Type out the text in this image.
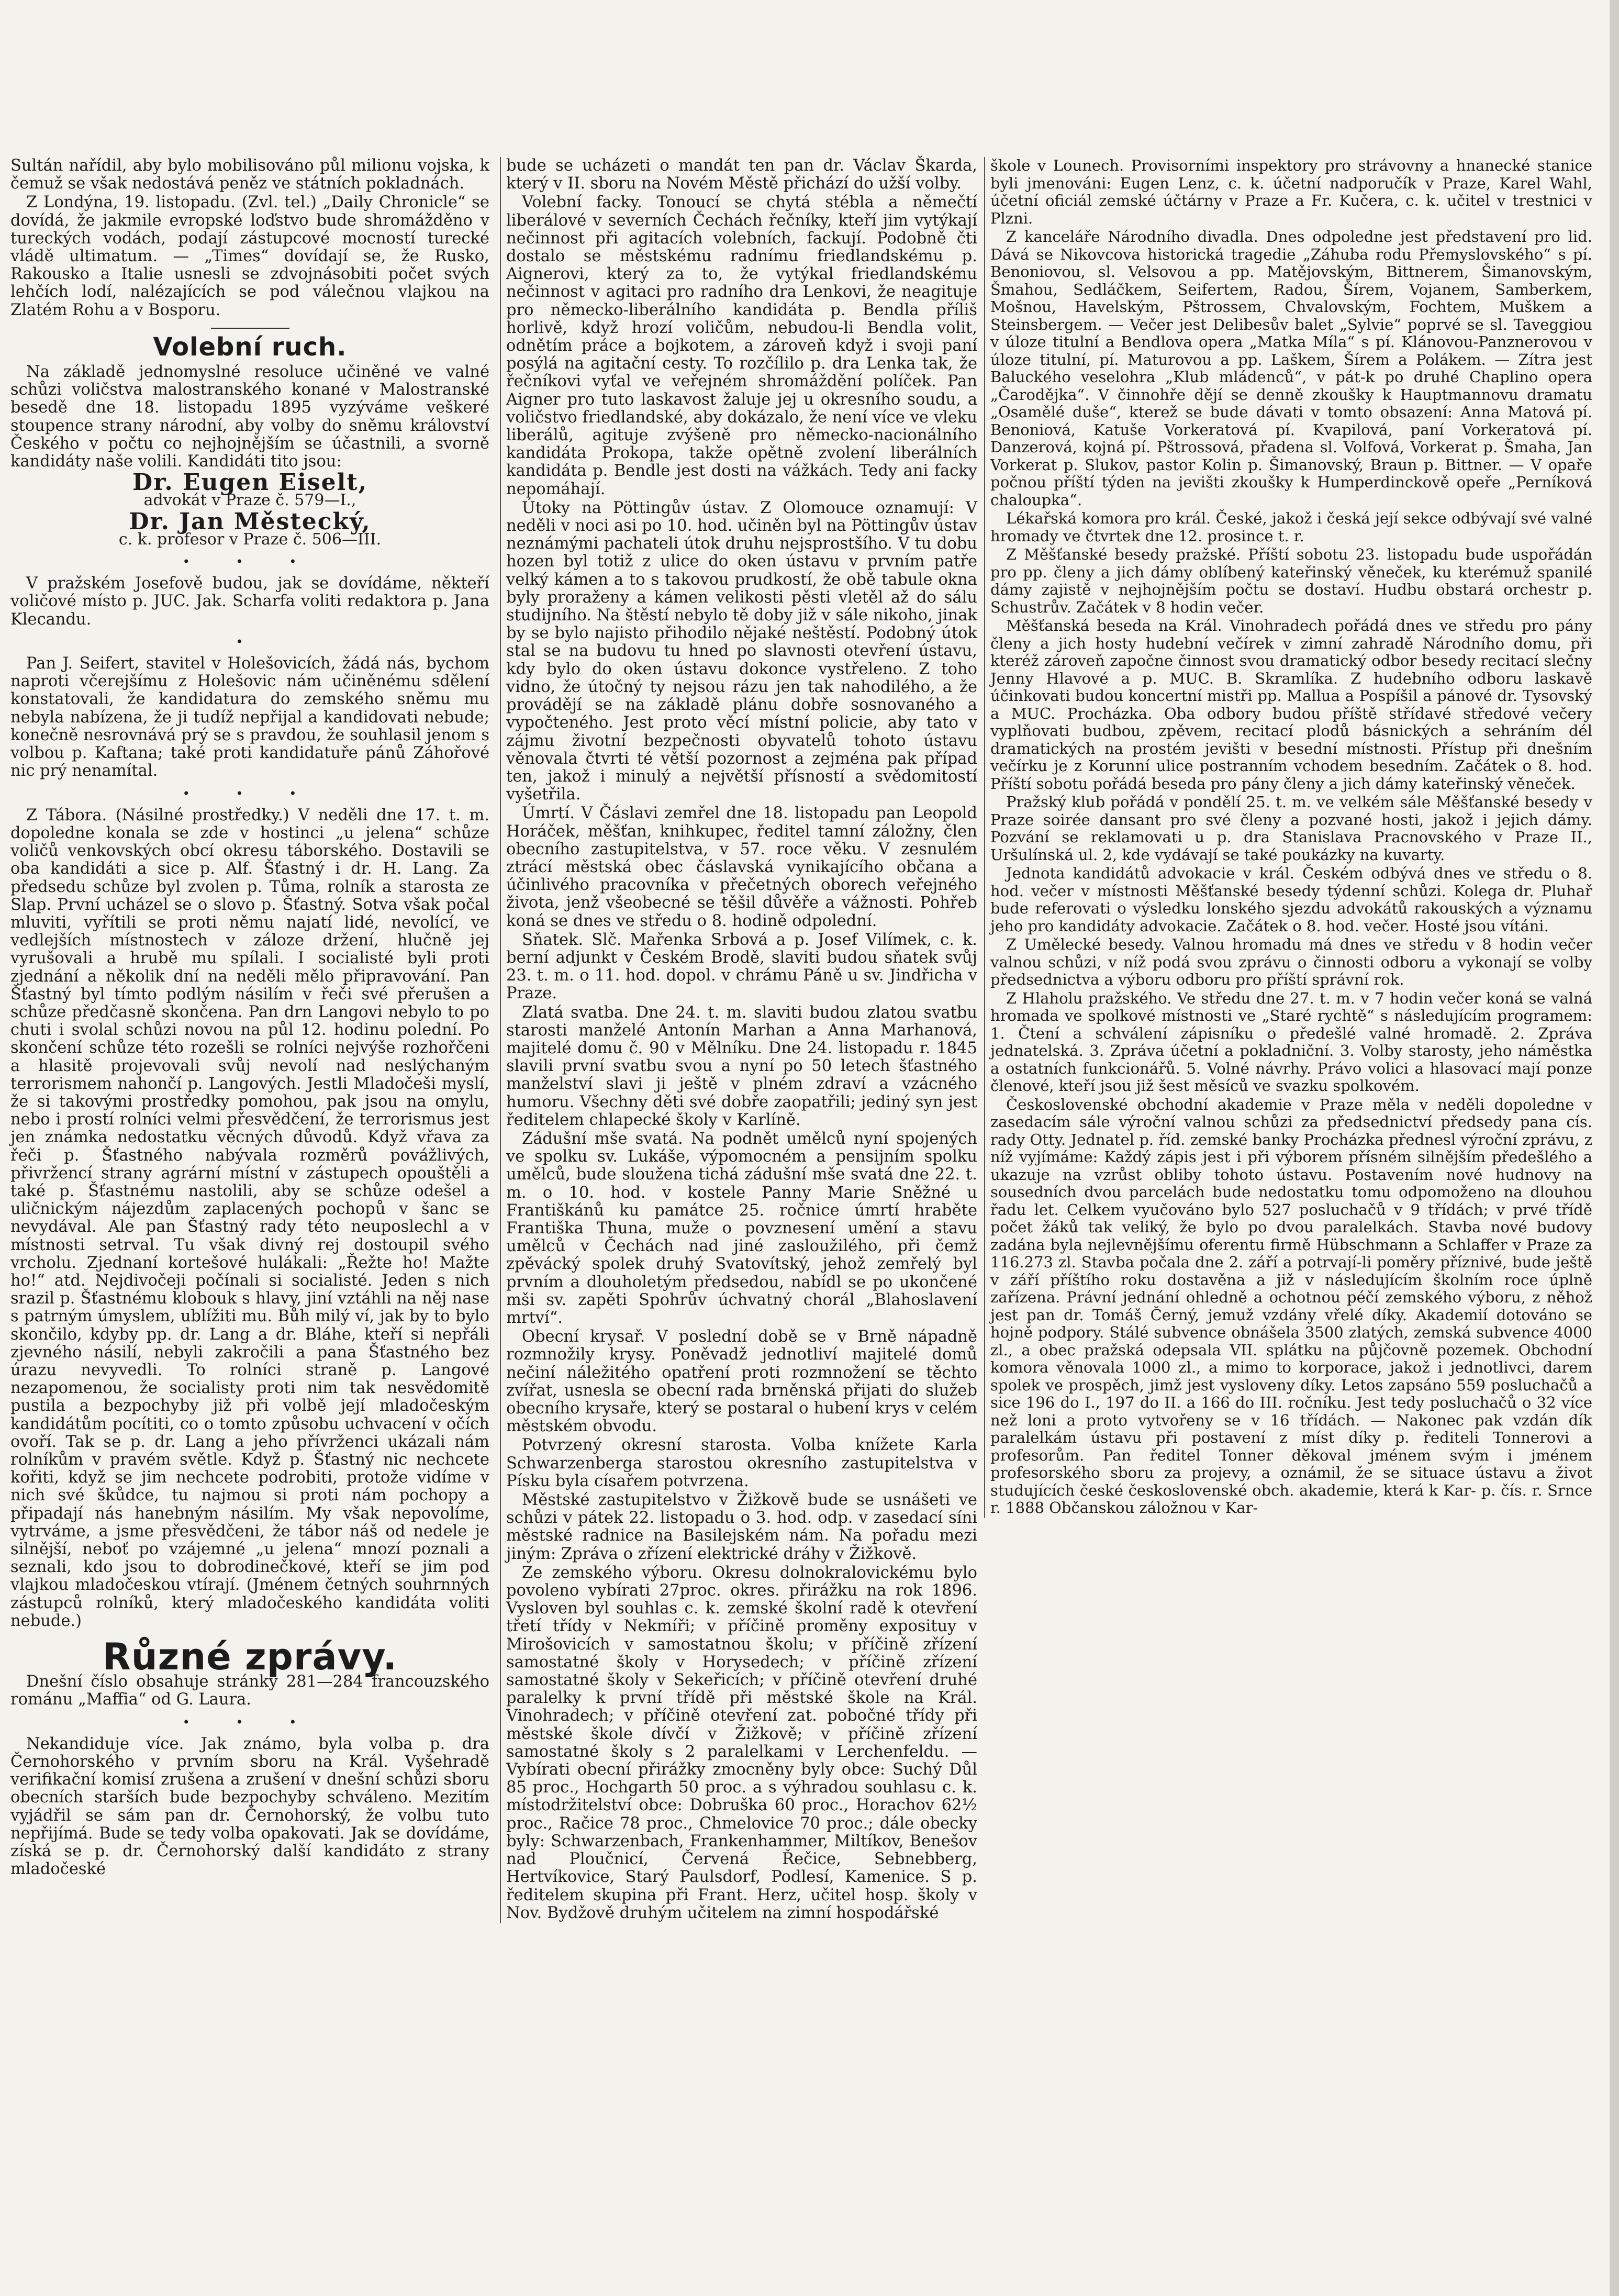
Sultán nařídil, aby bylo mobilisováno půl milionu vojska, k čemuž se však nedostává peněz ve státních pokladnách.

Z Londýna, 19. listopadu. (Zvl. tel.) „Daily Chronicle“ se dovídá, že jakmile evropské loďstvo bude shromážděno v tureckých vodách, podají zástupcové mocností turecké vládě ultimatum. — „Times“ dovídají se, že Rusko, Rakousko a Italie usnesli se zdvojnásobiti počet svých lehčích lodí, nalézajících se pod válečnou vlajkou na Zlatém Rohu a v Bosporu.

Volební ruch.

Na základě jednomyslné resoluce učiněné ve valné schůzi voličstva malostranského konané v Malostranské besedě dne 18. listopadu 1895 vyzýváme veškeré stoupence strany národní, aby volby do sněmu království Českého v počtu co nejhojnějším se účastnili, a svorně kandidáty naše volili. Kandidáti tito jsou:

Dr. Eugen Eiselt,
advokát v Praze č. 579—I.,
Dr. Jan Městecký,
c. k. profesor v Praze č. 506—III.
• • •

V pražském Josefově budou, jak se dovídáme, někteří voličové místo p. JUC. Jak. Scharfa voliti redaktora p. Jana Klecandu.

•

Pan J. Seifert, stavitel v Holešovicích, žádá nás, bychom naproti včerejšímu z Holešovic nám učiněnému sdělení konstatovali, že kandidatura do zemského sněmu mu nebyla nabízena, že ji tudíž nepřijal a kandidovati nebude; konečně nesrovnává prý se s pravdou, že souhlasil jenom s volbou p. Kaftana; také proti kandidatuře pánů Záhořové nic prý nenamítal.

• • •

Z Tábora. (Násilné prostředky.) V neděli dne 17. t. m. dopoledne konala se zde v hostinci „u jelena“ schůze voličů venkovských obcí okresu táborského. Dostavili se oba kandidáti a sice p. Alf. Šťastný i dr. H. Lang. Za předsedu schůze byl zvolen p. Tůma, rolník a starosta ze Slap. První ucházel se o slovo p. Šťastný. Sotva však počal mluviti, vyřítili se proti němu najatí lidé, nevolící, ve vedlejších místnostech v záloze držení, hlučně jej vyrušovali a hrubě mu spílali. I socialisté byli proti zjednání a několik dní na neděli mělo připravování. Pan Šťastný byl tímto podlým násilím v řeči své přerušen a schůze předčasně skončena. Pan drn Langovi nebylo to po chuti i svolal schůzi novou na půl 12. hodinu polední. Po skončení schůze této rozešli se rolníci nejvýše rozhořčeni a hlasitě projevovali svůj nevolí nad neslýchaným terrorismem nahončí p. Langových. Jestli Mladočeši myslí, že si takovými prostředky pomohou, pak jsou na omylu, nebo i prostí rolníci velmi přesvědčení, že terrorismus jest jen známka nedostatku věcných důvodů. Když vřava za řeči p. Šťastného nabývala rozměrů povážlivých, přivržencí strany agrární místní v zástupech opouštěli a také p. Šťastnému nastolili, aby se schůze odešel a uličnickým nájezdům zaplacených pochopů v šanc se nevydával. Ale pan Šťastný rady této neuposlechl a v místnosti setrval. Tu však divný rej dostoupil svého vrcholu. Zjednaní kortešové hulákali: „Řežte ho! Mažte ho!“ atd. Nejdivočeji počínali si socialisté. Jeden s nich srazil p. Šťastnému klobouk s hlavy, jiní vztáhli na něj nase s patrným úmyslem, ublížiti mu. Bůh milý ví, jak by to bylo skončilo, kdyby pp. dr. Lang a dr. Bláhe, kteří si nepřáli zjevného násilí, nebyli zakročili a pana Šťastného bez úrazu nevyvedli. To rolníci straně p. Langové nezapomenou, že socialisty proti nim tak nesvědomitě pustila a bezpochyby již při volbě její mladočeským kandidátům pocítiti, co o tomto způsobu uchvacení v očích ovoří. Tak se p. dr. Lang a jeho přívrženci ukázali nám rolníkům v pravém světle. Když p. Šťastný nic nechcete kořiti, když se jim nechcete podrobiti, protože vidíme v nich své škůdce, tu najmou si proti nám pochopy a připadají nás hanebným násilím. My však nepovolíme, vytrváme, a jsme přesvědčeni, že tábor náš od nedele je silnější, neboť po vzájemné „u jelena“ mnozí poznali a seznali, kdo jsou to dobrodinečkové, kteří se jim pod vlajkou mladočeskou vtírají. (Jménem četných souhrnných zástupců rolníků, který mladočeského kandidáta voliti nebude.)

Různé zprávy.

Dnešní číslo obsahuje stránky 281—284 francouzského románu „Maffia“ od G. Laura.

• • •

Nekandiduje více. Jak známo, byla volba p. dra Černohorského v prvním sboru na Král. Vyšehradě verifikační komisí zrušena a zrušení v dnešní schůzi sboru obecních starších bude bezpochyby schváleno. Mezitím vyjádřil se sám pan dr. Černohorský, že volbu tuto nepřijímá. Bude se tedy volba opakovati. Jak se dovídáme, získá se p. dr. Černohorský další kandidáto z strany mladočeské

bude se ucházeti o mandát ten pan dr. Václav Škarda, který v II. sboru na Novém Městě přichází do užší volby.

Volební facky. Tonoucí se chytá stébla a němečtí liberálové v severních Čechách řečníky, kteří jim vytýkají nečinnost při agitacích volebních, fackují. Podobně čti dostalo se městskému radnímu friedlandskému p. Aignerovi, který za to, že vytýkal friedlandskému nečinnost v agitaci pro radního dra Lenkovi, že neagituje pro německo-liberálního kandidáta p. Bendla příliš horlivě, když hrozí voličům, nebudou-li Bendla volit, odnětím práce a bojkotem, a zároveň když i svoji paní posýlá na agitační cesty. To rozčílilo p. dra Lenka tak, že řečníkovi vyťal ve veřejném shromáždění políček. Pan Aigner pro tuto laskavost žaluje jej u okresního soudu, a voličstvo friedlandské, aby dokázalo, že není více ve vleku liberálů, agituje zvýšeně pro německo-nacionálního kandidáta Prokopa, takže opětně zvolení liberálních kandidáta p. Bendle jest dosti na vážkách. Tedy ani facky nepomáhají.

Útoky na Pöttingův ústav. Z Olomouce oznamují: V neděli v noci asi po 10. hod. učiněn byl na Pöttingův ústav neznámými pachateli útok druhu nejsprostšího. V tu dobu hozen byl totiž z ulice do oken ústavu v prvním patře velký kámen a to s takovou prudkostí, že obě tabule okna byly proraženy a kámen velikosti pěsti vletěl až do sálu studijního. Na štěstí nebylo tě doby již v sále nikoho, jinak by se bylo najisto přihodilo nějaké neštěstí. Podobný útok stal se na budovu tu hned po slavnosti otevření ústavu, kdy bylo do oken ústavu dokonce vystřeleno. Z toho vidno, že útočný ty nejsou rázu jen tak nahodilého, a že provádějí se na základě plánu dobře sosnovaného a vypočteného. Jest proto věcí místní policie, aby tato v zájmu životní bezpečnosti obyvatelů tohoto ústavu věnovala čtvrti té větší pozornost a zejména pak případ ten, jakož i minulý a největší přísností a svědomitostí vyšetřila.

Úmrtí. V Čáslavi zemřel dne 18. listopadu pan Leopold Horáček, měšťan, knihkupec, ředitel tamní záložny, člen obecního zastupitelstva, v 57. roce věku. V zesnulém ztrácí městská obec čáslavská vynikajícího občana a účinlivého pracovníka v přečetných oborech veřejného života, jenž všeobecné se těšil důvěře a vážnosti. Pohřeb koná se dnes ve středu o 8. hodině odpolední.

Sňatek. Slč. Mařenka Srbová a p. Josef Vilímek, c. k. berní adjunkt v Českém Brodě, slaviti budou sňatek svůj 23. t. m. o 11. hod. dopol. v chrámu Páně u sv. Jindřicha v Praze.

Zlatá svatba. Dne 24. t. m. slaviti budou zlatou svatbu starosti manželé Antonín Marhan a Anna Marhanová, majitelé domu č. 90 v Mělníku. Dne 24. listopadu r. 1845 slavili první svatbu svou a nyní po 50 letech šťastného manželství slavi ji ještě v plném zdraví a vzácného humoru. Všechny děti své dobře zaopatřili; jediný syn jest ředitelem chlapecké školy v Karlíně.

Zádušní mše svatá. Na podnět umělců nyní spojených ve spolku sv. Lukáše, výpomocném a pensijním spolku umělců, bude sloužena tichá zádušní mše svatá dne 22. t. m. o 10. hod. v kostele Panny Marie Sněžné u Františkánů ku památce 25. ročnice úmrtí hraběte Františka Thuna, muže o povznesení umění a stavu umělců v Čechách nad jiné zasloužilého, při čemž zpěvácký spolek druhý Svatovítský, jehož zemřelý byl prvním a dlouholetým předsedou, nabídl se po ukončené mši sv. zapěti Spohrův úchvatný chorál „Blahoslavení mrtví“.

Obecní krysař. V poslední době se v Brně nápadně rozmnožily krysy. Poněvadž jednotliví majitelé domů nečiní náležitého opatření proti rozmnožení se těchto zvířat, usnesla se obecní rada brněnská přijati do služeb obecního krysaře, který se postaral o hubení krys v celém městském obvodu.

Potvrzený okresní starosta. Volba knížete Karla Schwarzenberga starostou okresního zastupitelstva v Písku byla císařem potvrzena.

Městské zastupitelstvo v Žižkově bude se usnášeti ve schůzi v pátek 22. listopadu o 3. hod. odp. v zasedací síni městské radnice na Basilejském nám. Na pořadu mezi jiným: Zpráva o zřízení elektrické dráhy v Žižkově.

Ze zemského výboru. Okresu dolnokralovickému bylo povoleno vybírati 27proc. okres. přirážku na rok 1896. Vysloven byl souhlas c. k. zemské školní radě k otevření třetí třídy v Nekmíři; v příčině proměny exposituy v Mirošovicích v samostatnou školu; v příčině zřízení samostatné školy v Horysedech; v příčině zřízení samostatné školy v Sekeřicích; v příčině otevření druhé paralelky k první třídě při městské škole na Král. Vinohradech; v příčině otevření zat. pobočné třídy při městské škole dívčí v Žižkově; v příčině zřízení samostatné školy s 2 paralelkami v Lerchenfeldu. — Vybírati obecní přirážky zmocněny byly obce: Suchý Důl 85 proc., Hochgarth 50 proc. a s výhradou souhlasu c. k. místodržitelství obce: Dobruška 60 proc., Horachov 62½ proc., Račice 78 proc., Chmelovice 70 proc.; dále obecky byly: Schwarzenbach, Frankenhammer, Miltíkov, Benešov nad Ploučnicí, Červená Řečice, Sebnebberg, Hertvíkovice, Starý Paulsdorf, Podlesí, Kamenice. S p. ředitelem skupina při Frant. Herz, učitel hosp. školy v Nov. Bydžově druhým učitelem na zimní hospodářské

škole v Lounech. Provisorními inspektory pro strávovny a hnanecké stanice byli jmenováni: Eugen Lenz, c. k. účetní nadporučík v Praze, Karel Wahl, účetní oficiál zemské účtárny v Praze a Fr. Kučera, c. k. učitel v trestnici v Plzni.

Z kanceláře Národního divadla. Dnes odpoledne jest představení pro lid. Dává se Nikovcova historická tragedie „Záhuba rodu Přemyslovského“ s pí. Benoniovou, sl. Velsovou a pp. Matějovským, Bittnerem, Šimanovským, Šmahou, Sedláčkem, Seifertem, Radou, Šírem, Vojanem, Samberkem, Mošnou, Havelským, Pštrossem, Chvalovským, Fochtem, Muškem a Steinsbergem. — Večer jest Delibesův balet „Sylvie“ poprvé se sl. Taveggiou v úloze titulní a Bendlova opera „Matka Míla“ s pí. Klánovou-Panznerovou v úloze titulní, pí. Maturovou a pp. Laškem, Šírem a Polákem. — Zítra jest Baluckého veselohra „Klub mládenců“, v pát-k po druhé Chaplino opera „Čarodějka“. V činnohře dějí se denně zkoušky k Hauptmannovu dramatu „Osamělé duše“, kterež se bude dávati v tomto obsazení: Anna Matová pí. Benoniová, Katuše Vorkeratová pí. Kvapilová, paní Vorkeratová pí. Danzerová, kojná pí. Pštrossová, přadena sl. Volfová, Vorkerat p. Šmaha, Jan Vorkerat p. Slukov, pastor Kolin p. Šimanovský, Braun p. Bittner. — V opaře počnou příští týden na jevišti zkoušky k Humperdinckově opeře „Perníková chaloupka“.

Lékařská komora pro král. České, jakož i česká její sekce odbývají své valné hromady ve čtvrtek dne 12. prosince t. r.

Z Měšťanské besedy pražské. Příští sobotu 23. listopadu bude uspořádán pro pp. členy a jich dámy oblíbený kateřinský věneček, ku kterémuž spanilé dámy zajistě v nejhojnějším počtu se dostaví. Hudbu obstará orchestr p. Schustrův. Začátek v 8 hodin večer.

Měšťanská beseda na Král. Vinohradech pořádá dnes ve středu pro pány členy a jich hosty hudební večírek v zimní zahradě Národního domu, při kteréž zároveň započne činnost svou dramatický odbor besedy recitací slečny Jenny Hlavové a p. MUC. B. Skramlíka. Z hudebního odboru laskavě účinkovati budou koncertní mistři pp. Mallua a Pospíšil a pánové dr. Tysovský a MUC. Procházka. Oba odbory budou příště střídavé středové večery vyplňovati budbou, zpěvem, recitací plodů básnických a sehráním dél dramatických na prostém jevišti v besední místnosti. Přístup při dnešním večírku je z Korunní ulice postranním vchodem besedním. Začátek o 8. hod. Příští sobotu pořádá beseda pro pány členy a jich dámy kateřinský věneček.

Pražský klub pořádá v pondělí 25. t. m. ve velkém sále Měšťanské besedy v Praze soirée dansant pro své členy a pozvané hosti, jakož i jejich dámy. Pozvání se reklamovati u p. dra Stanislava Pracnovského v Praze II., Uršulínská ul. 2, kde vydávají se také poukázky na kuvarty.

Jednota kandidátů advokacie v král. Českém odbývá dnes ve středu o 8. hod. večer v místnosti Měšťanské besedy týdenní schůzi. Kolega dr. Pluhař bude referovati o výsledku lonského sjezdu advokátů rakouských a významu jeho pro kandidáty advokacie. Začátek o 8. hod. večer. Hosté jsou vítáni.

Z Umělecké besedy. Valnou hromadu má dnes ve středu v 8 hodin večer valnou schůzi, v níž podá svou zprávu o činnosti odboru a vykonají se volby předsednictva a výboru odboru pro příští správní rok.

Z Hlaholu pražského. Ve středu dne 27. t. m. v 7 hodin večer koná se valná hromada ve spolkové místnosti ve „Staré rychtě“ s následujícím programem: 1. Čtení a schválení zápisníku o předešlé valné hromadě. 2. Zpráva jednatelská. 3. Zpráva účetní a pokladniční. 3. Volby starosty, jeho náměstka a ostatních funkcionářů. 5. Volné návrhy. Právo volici a hlasovací mají ponze členové, kteří jsou již šest měsíců ve svazku spolkovém.

Československé obchodní akademie v Praze měla v neděli dopoledne v zasedacím sále výroční valnou schůzi za předsednictví předsedy pana cís. rady Otty. Jednatel p. říd. zemské banky Procházka přednesl výroční zprávu, z níž vyjímáme: Každý zápis jest i při výborem přísném silnějším předešlého a ukazuje na vzrůst obliby tohoto ústavu. Postavením nové hudnovy na sousedních dvou parcelách bude nedostatku tomu odpomoženo na dlouhou řadu let. Celkem vyučováno bylo 527 posluchačů v 9 třídách; v prvé třídě počet žáků tak veliký, že bylo po dvou paralelkách. Stavba nové budovy zadána byla nejlevnějšímu oferentu firmě Hübschmann a Schlaffer v Praze za 116.273 zl. Stavba počala dne 2. září a potrvají-li poměry příznivé, bude ještě v září příštího roku dostavěna a již v následujícím školním roce úplně zařízena. Právní jednání ohledně a ochotnou péčí zemského výboru, z něhož jest pan dr. Tomáš Černý, jemuž vzdány vřelé díky. Akademií dotováno se hojně podpory. Stálé subvence obnášela 3500 zlatých, zemská subvence 4000 zl., a obec pražská odepsala VII. splátku na půjčovně pozemek. Obchodní komora věnovala 1000 zl., a mimo to korporace, jakož i jednotlivci, darem spolek ve prospěch, jimž jest vysloveny díky. Letos zapsáno 559 posluchačů a sice 196 do I., 197 do II. a 166 do III. ročníku. Jest tedy posluchačů o 32 více než loni a proto vytvořeny se v 16 třídách. — Nakonec pak vzdán dík paralelkám ústavu při postavení z míst díky p. řediteli Tonnerovi a profesorům. Pan ředitel Tonner děkoval jménem svým i jménem profesorského sboru za projevy, a oznámil, že se situace ústavu a život studujících české československé obch. akademie, která k Kar- p. čís. r. Srnce r. 1888 Občanskou záložnou v Kar-
